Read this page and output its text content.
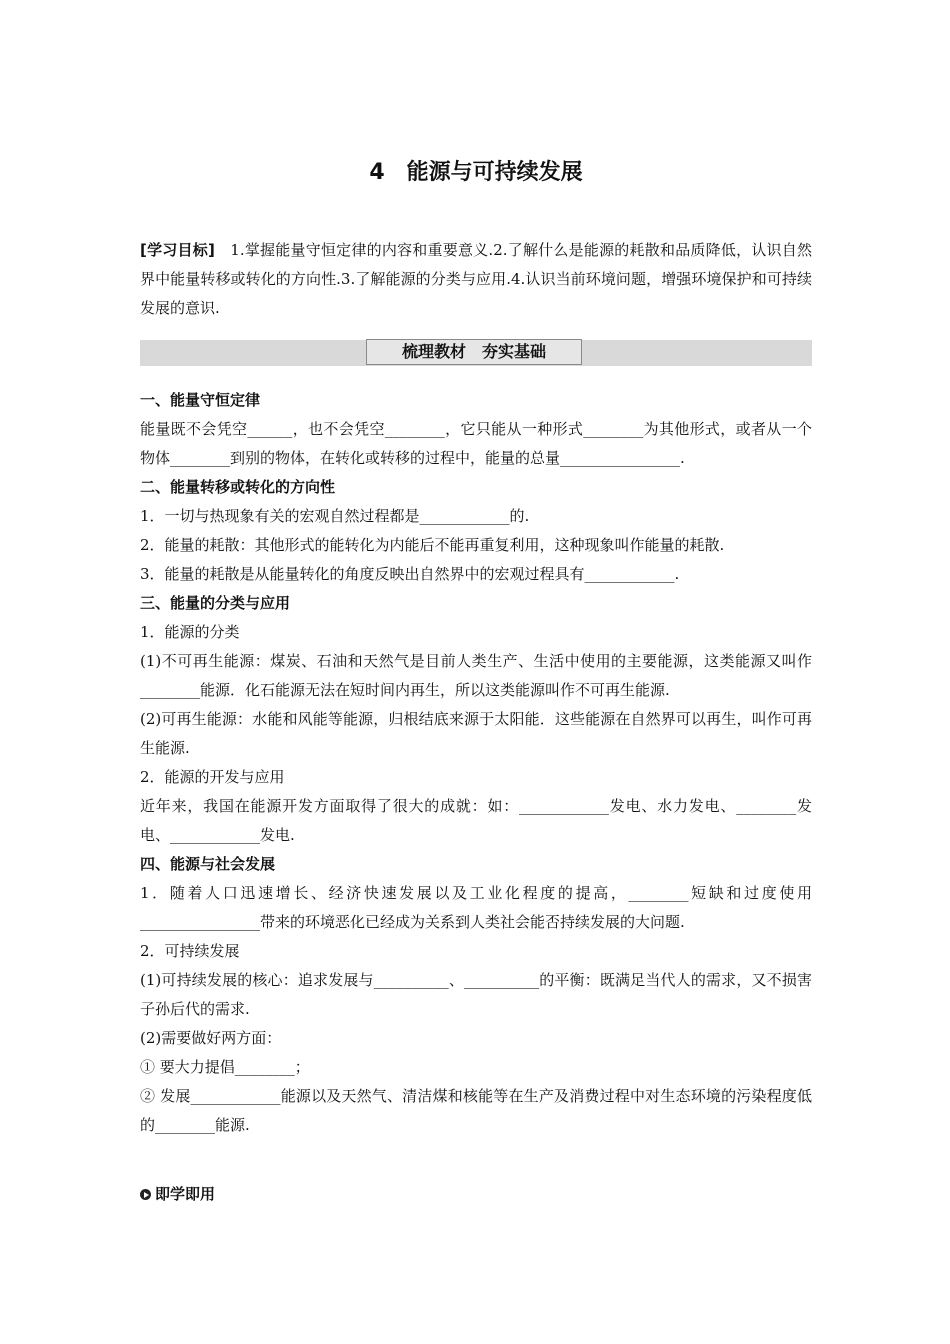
4　能源与可持续发展

[学习目标]　1.掌握能量守恒定律的内容和重要意义.2.了解什么是能源的耗散和品质降低，认识自然界中能量转移或转化的方向性.3.了解能源的分类与应用.4.认识当前环境问题，增强环境保护和可持续发展的意识.

梳理教材　夯实基础

一、能量守恒定律

能量既不会凭空______，也不会凭空________，它只能从一种形式________为其他形式，或者从一个物体________到别的物体，在转化或转移的过程中，能量的总量________________.

二、能量转移或转化的方向性

1．一切与热现象有关的宏观自然过程都是____________的.

2．能量的耗散：其他形式的能转化为内能后不能再重复利用，这种现象叫作能量的耗散.

3．能量的耗散是从能量转化的角度反映出自然界中的宏观过程具有____________.

三、能量的分类与应用

1．能源的分类

(1)不可再生能源：煤炭、石油和天然气是目前人类生产、生活中使用的主要能源，这类能源又叫作________能源．化石能源无法在短时间内再生，所以这类能源叫作不可再生能源.

(2)可再生能源：水能和风能等能源，归根结底来源于太阳能．这些能源在自然界可以再生，叫作可再生能源.

2．能源的开发与应用

近年来，我国在能源开发方面取得了很大的成就：如：____________发电、水力发电、________发电、____________发电.

四、能源与社会发展

1．随着人口迅速增长、经济快速发展以及工业化程度的提高，________短缺和过度使用________________带来的环境恶化已经成为关系到人类社会能否持续发展的大问题.

2．可持续发展

(1)可持续发展的核心：追求发展与__________、__________的平衡：既满足当代人的需求，又不损害子孙后代的需求.

(2)需要做好两方面：

① 要大力提倡________；

② 发展____________能源以及天然气、清洁煤和核能等在生产及消费过程中对生态环境的污染程度低的________能源.

即学即用
